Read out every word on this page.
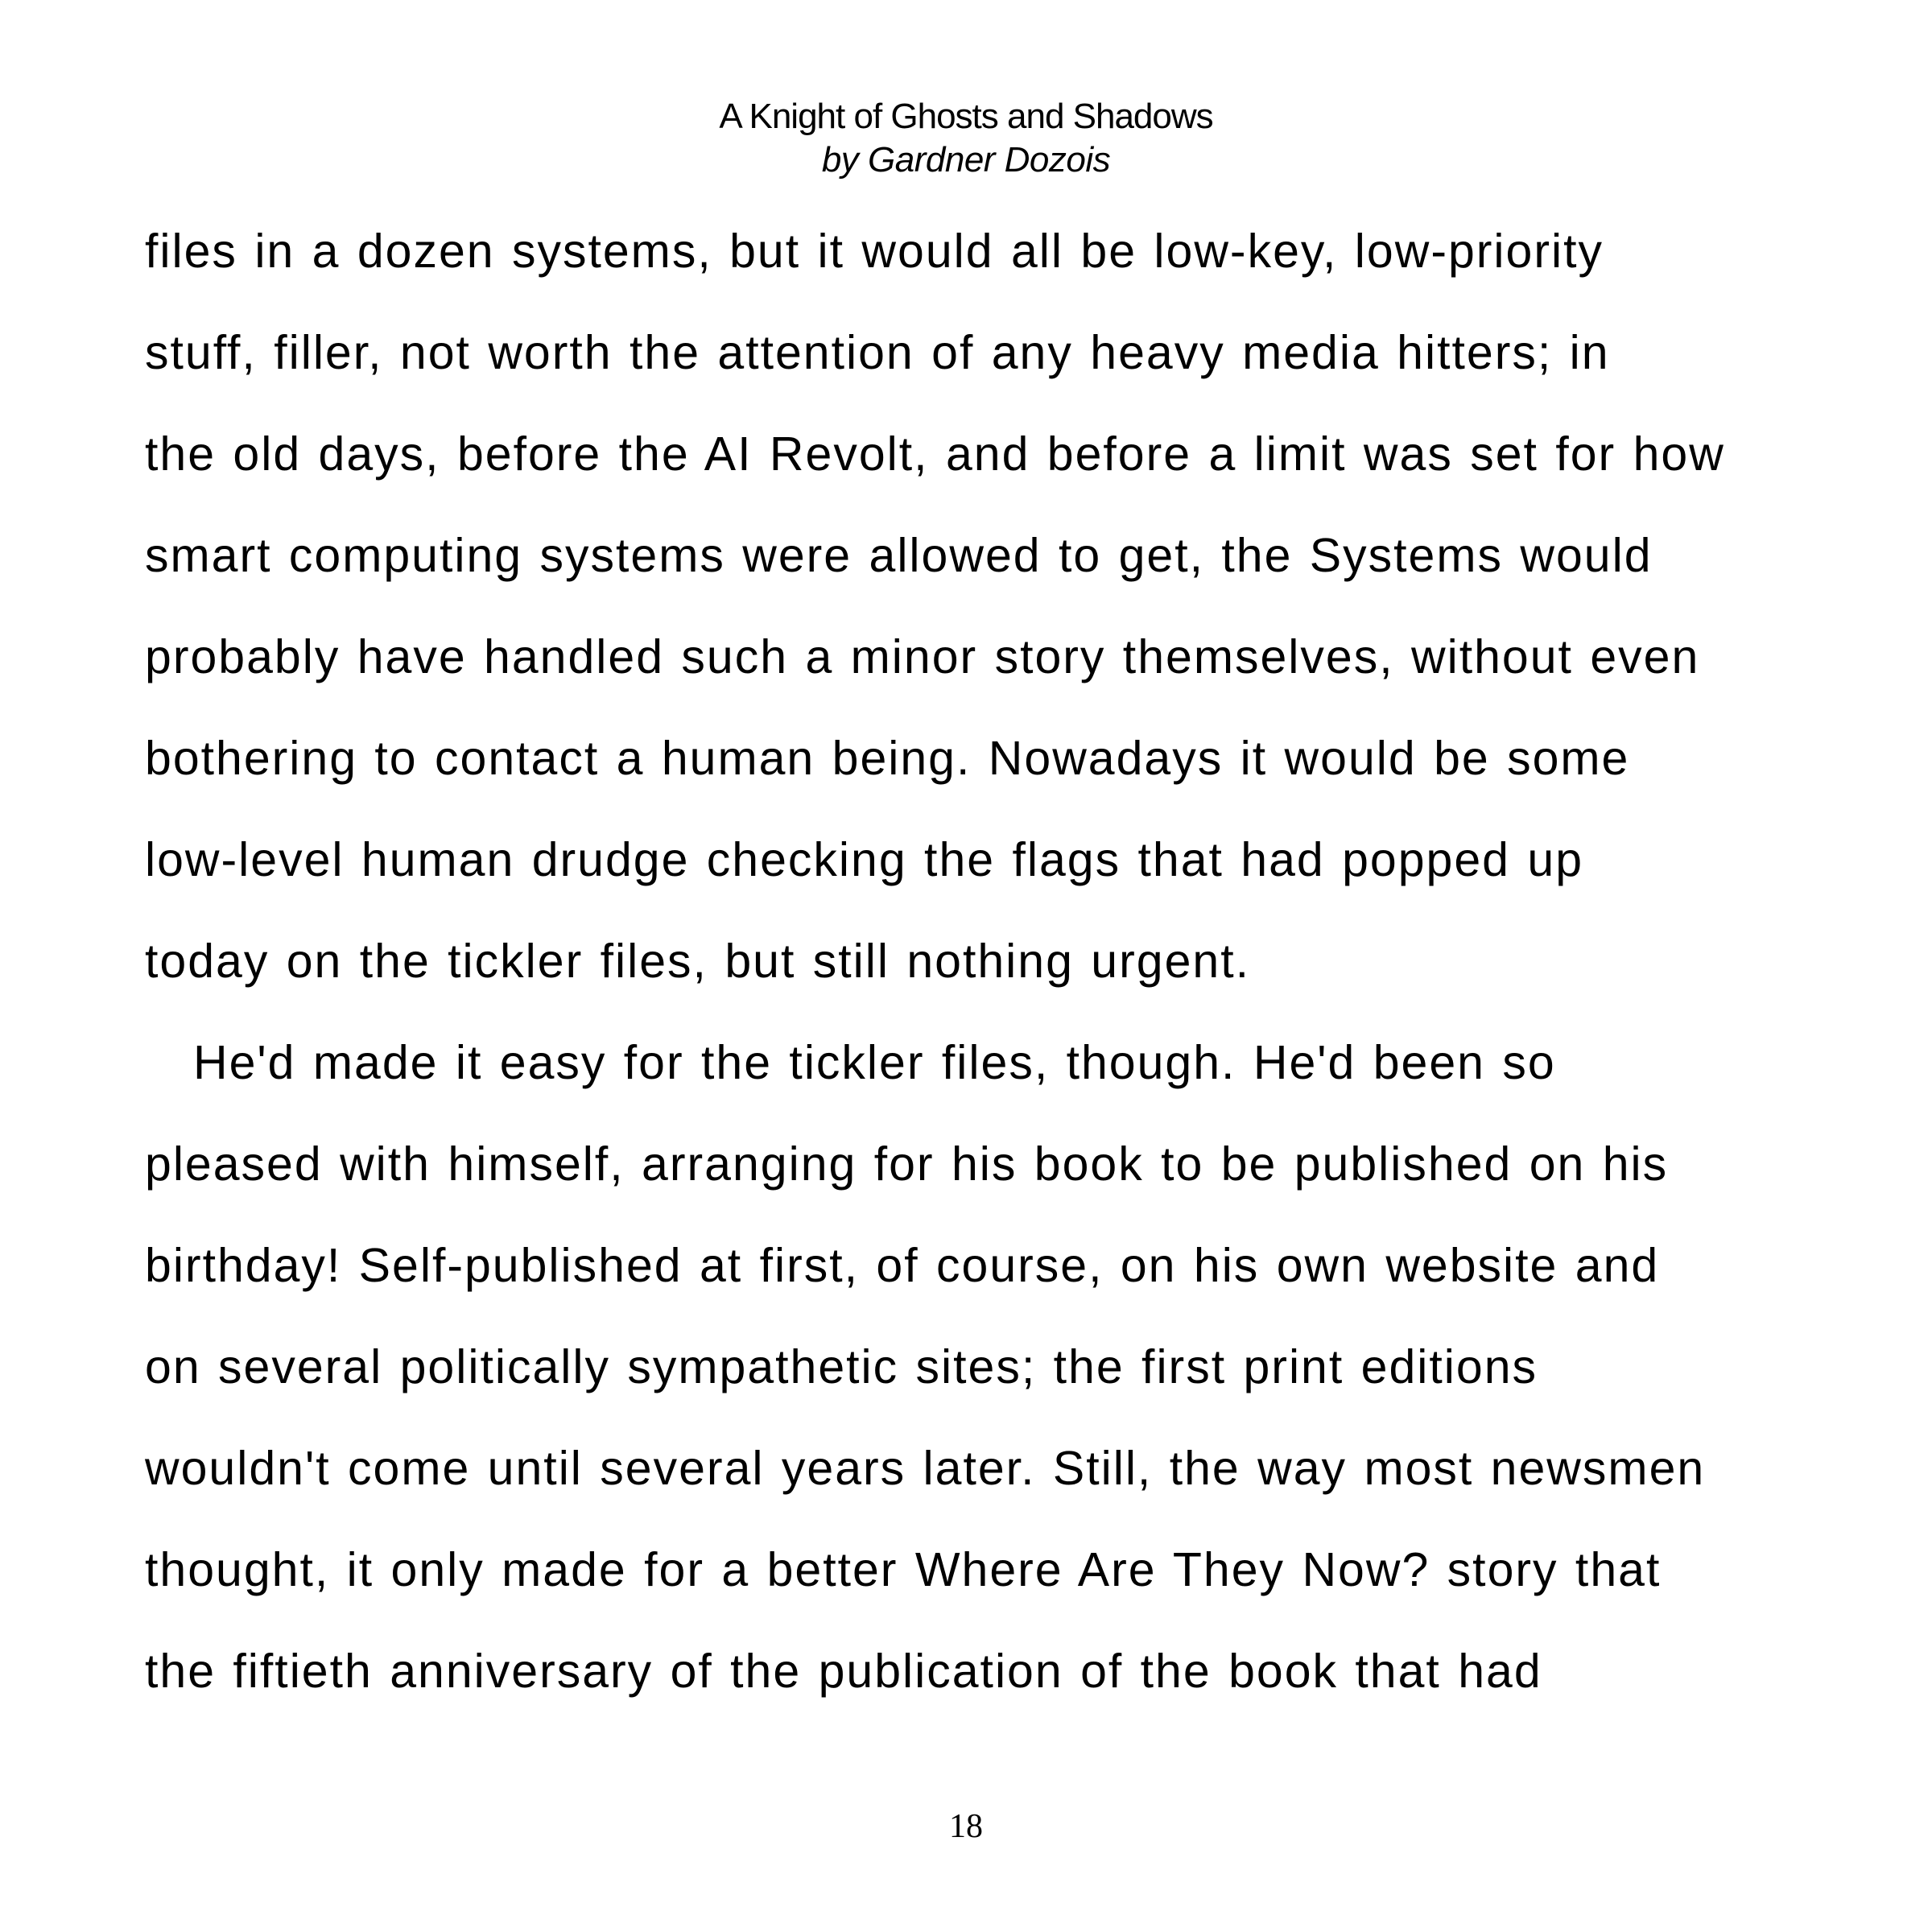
A Knight of Ghosts and Shadows
by Gardner Dozois
files in a dozen systems, but it would all be low-key, low-priority
stuff, filler, not worth the attention of any heavy media hitters; in
the old days, before the AI Revolt, and before a limit was set for how
smart computing systems were allowed to get, the Systems would
probably have handled such a minor story themselves, without even
bothering to contact a human being. Nowadays it would be some
low-level human drudge checking the flags that had popped up
today on the tickler files, but still nothing urgent.
He'd made it easy for the tickler files, though. He'd been so
pleased with himself, arranging for his book to be published on his
birthday! Self-published at first, of course, on his own website and
on several politically sympathetic sites; the first print editions
wouldn't come until several years later. Still, the way most newsmen
thought, it only made for a better Where Are They Now? story that
the fiftieth anniversary of the publication of the book that had
18
